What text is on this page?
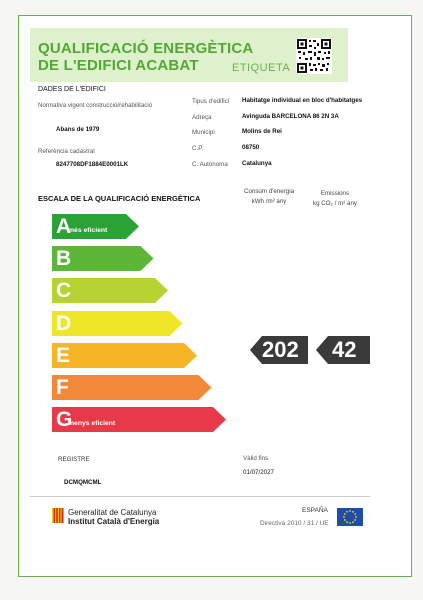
QUALIFICACIÓ ENERGÈTICA
DE L'EDIFICI ACABAT	ETIQUETA
DADES DE L'EDIFICI
Normativa vigent construcció/rehabilitació
Abans de 1979
Referència cadastral
8247708DF1884E0001LK
Tipus d'edifici Habitatge individual en bloc d'habitatges
Adreça	Avinguda BARCELONA 86 2N 3A
Municipi	Molins de Rei
C.P.	08750
C. Autònoma Catalunya
ESCALA DE LA QUALIFICACIÓ ENERGÈTICA
Consum d'energia
kWh /m² any
Emissions
kg CO₂ / m² any
A
més eficient
B
C
D
E
F
G
menys eficient
202 42
Vàlid fins
01/07/2027
REGISTRE
DCMQMCML
Generalitat de Catalunya
Institut Català d'Energia
ESPAÑA
Directiva 2010 / 31 / UE
